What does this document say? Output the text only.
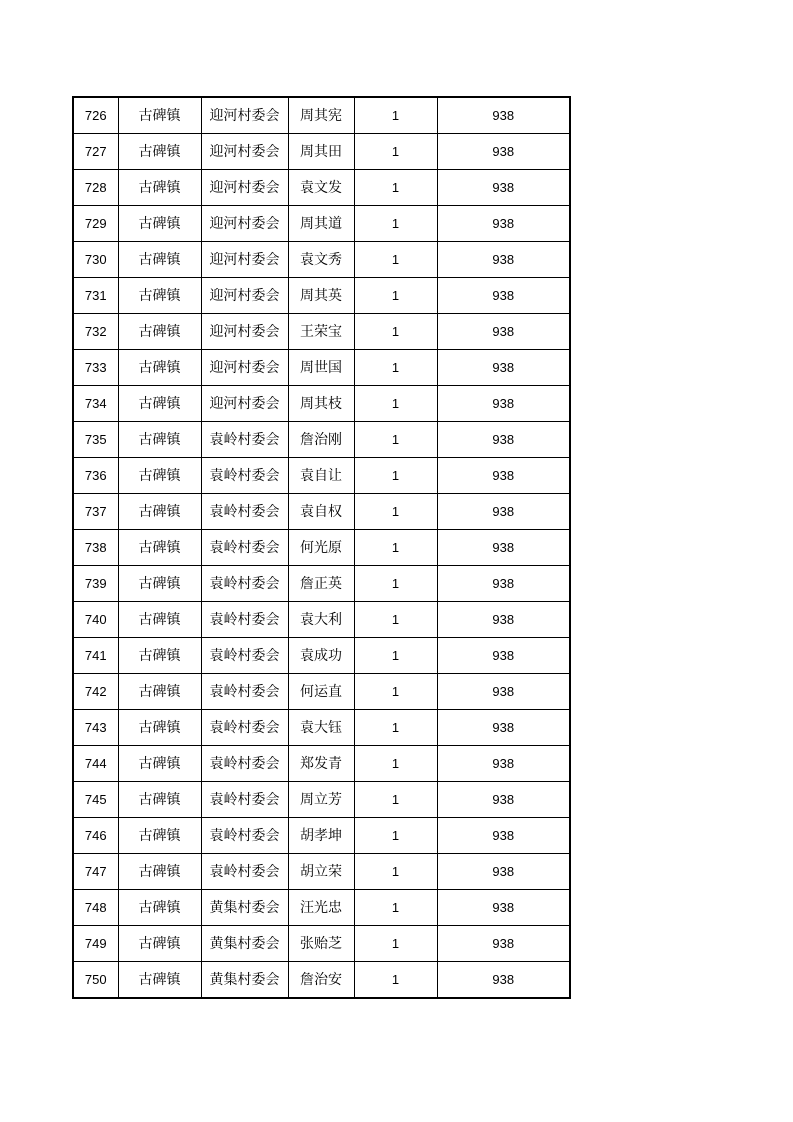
726	古碑镇	迎河村委会	周其宪	1	938
727	古碑镇	迎河村委会	周其田	1	938
728	古碑镇	迎河村委会	袁文发	1	938
729	古碑镇	迎河村委会	周其道	1	938
730	古碑镇	迎河村委会	袁文秀	1	938
731	古碑镇	迎河村委会	周其英	1	938
732	古碑镇	迎河村委会	王荣宝	1	938
733	古碑镇	迎河村委会	周世国	1	938
734	古碑镇	迎河村委会	周其枝	1	938
735	古碑镇	袁岭村委会	詹治刚	1	938
736	古碑镇	袁岭村委会	袁自让	1	938
737	古碑镇	袁岭村委会	袁自权	1	938
738	古碑镇	袁岭村委会	何光原	1	938
739	古碑镇	袁岭村委会	詹正英	1	938
740	古碑镇	袁岭村委会	袁大利	1	938
741	古碑镇	袁岭村委会	袁成功	1	938
742	古碑镇	袁岭村委会	何运直	1	938
743	古碑镇	袁岭村委会	袁大钰	1	938
744	古碑镇	袁岭村委会	郑发青	1	938
745	古碑镇	袁岭村委会	周立芳	1	938
746	古碑镇	袁岭村委会	胡孝坤	1	938
747	古碑镇	袁岭村委会	胡立荣	1	938
748	古碑镇	黄集村委会	汪光忠	1	938
749	古碑镇	黄集村委会	张贻芝	1	938
750	古碑镇	黄集村委会	詹治安	1	938
